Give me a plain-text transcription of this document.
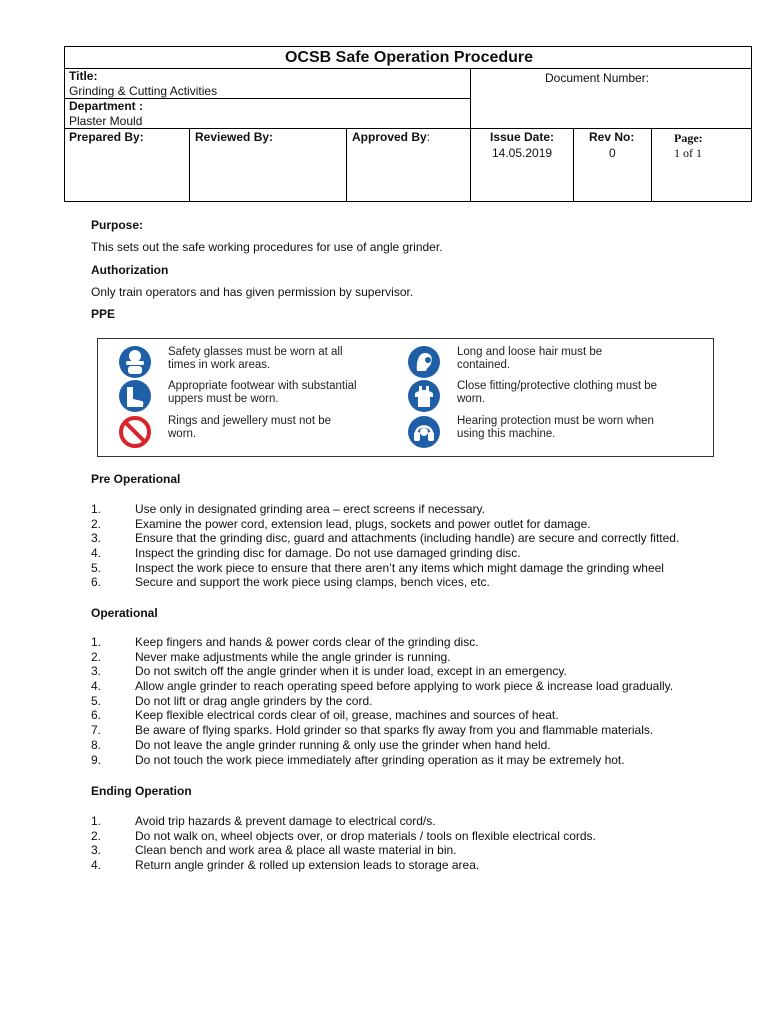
OCSB Safe Operation Procedure
Title:
Grinding & Cutting Activities
Document Number:
Department :
Plaster Mould
Prepared By:	Reviewed By:	Approved By:	Issue Date:
14.05.2019
Rev No:
0
Page:
1 of 1
Purpose:
This sets out the safe working procedures for use of angle grinder.
Authorization
Only train operators and has given permission by supervisor.
PPE
Safety glasses must be worn at all
times in work areas.
Long and loose hair must be
contained.
Appropriate footwear with substantial
uppers must be worn.
Close fitting/protective clothing must be
worn.
Rings and jewellery must not be
worn.
Hearing protection must be worn when
using this machine.
Pre Operational
1.	Use only in designated grinding area – erect screens if necessary.
2.	Examine the power cord, extension lead, plugs, sockets and power outlet for damage.
3.	Ensure that the grinding disc, guard and attachments (including handle) are secure and correctly fitted.
4.	Inspect the grinding disc for damage. Do not use damaged grinding disc.
5.	Inspect the work piece to ensure that there aren’t any items which might damage the grinding wheel
6.	Secure and support the work piece using clamps, bench vices, etc.
Operational
1.	Keep fingers and hands & power cords clear of the grinding disc.
2.	Never make adjustments while the angle grinder is running.
3.	Do not switch off the angle grinder when it is under load, except in an emergency.
4.	Allow angle grinder to reach operating speed before applying to work piece & increase load gradually.
5.	Do not lift or drag angle grinders by the cord.
6.	Keep flexible electrical cords clear of oil, grease, machines and sources of heat.
7.	Be aware of flying sparks. Hold grinder so that sparks fly away from you and flammable materials.
8.	Do not leave the angle grinder running & only use the grinder when hand held.
9.	Do not touch the work piece immediately after grinding operation as it may be extremely hot.
Ending Operation
1.	Avoid trip hazards & prevent damage to electrical cord/s.
2.	Do not walk on, wheel objects over, or drop materials / tools on flexible electrical cords.
3.	Clean bench and work area & place all waste material in bin.
4.	Return angle grinder & rolled up extension leads to storage area.
